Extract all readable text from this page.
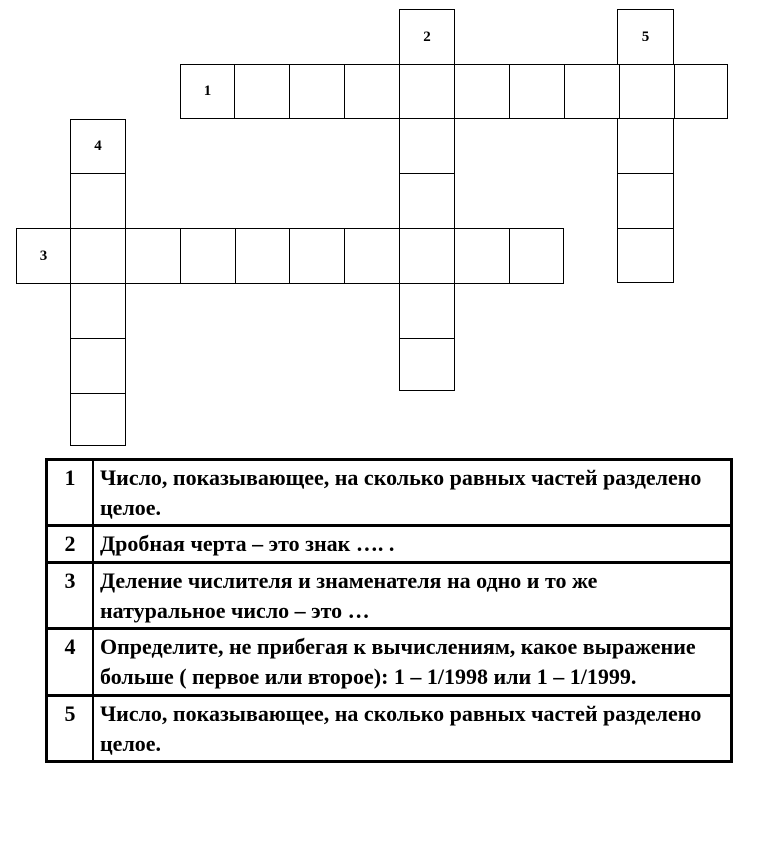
1
2	5
4
3
1	Число, показывающее, на сколько равных частей разделено целое.
2	Дробная черта – это знак …. .
3	Деление числителя и знаменателя на одно и то же натуральное число – это …
4	Определите, не прибегая к вычислениям, какое выражение больше ( первое или второе): 1 – 1/1998 или 1 – 1/1999.
5	Число, показывающее, на сколько равных частей разделено целое.
